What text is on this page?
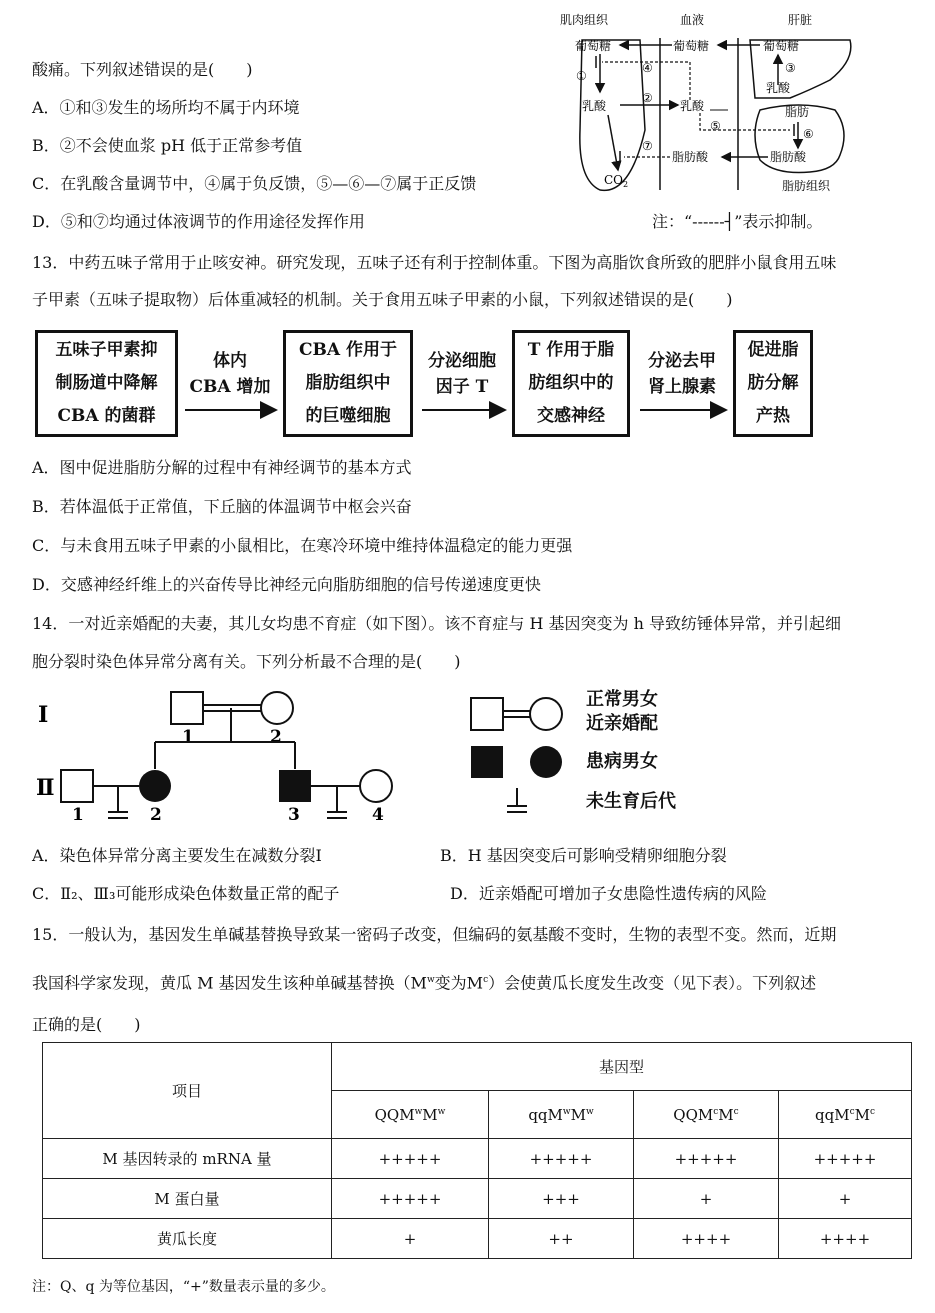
酸痛。下列叙述错误的是(　　)
A．①和③发生的场所均不属于内环境
B．②不会使血浆 pH 低于正常参考值
C．在乳酸含量调节中，④属于负反馈，⑤—⑥—⑦属于正反馈
D．⑤和⑦均通过体液调节的作用途径发挥作用
肌肉组织	血液	肝脏
葡萄糖	葡萄糖	葡萄糖
①
④	③
乳酸
乳酸
②
乳酸	脂肪
⑤
⑥
⑦
脂肪酸	脂肪酸
$CO_2$	脂肪组织
注：“------┤”表示抑制。
13．中药五味子常用于止咳安神。研究发现，五味子还有利于控制体重。下图为高脂饮食所致的肥胖小鼠食用五味
子甲素（五味子提取物）后体重减轻的机制。关于食用五味子甲素的小鼠，下列叙述错误的是(　　)
五味子甲素抑
制肠道中降解
CBA 的菌群
体内
CBA 增加
CBA 作用于
脂肪组织中
的巨噬细胞
分泌细胞
因子 T
T 作用于脂
肪组织中的
交感神经
分泌去甲
肾上腺素
促进脂
肪分解
产热
A．图中促进脂肪分解的过程中有神经调节的基本方式
B．若体温低于正常值，下丘脑的体温调节中枢会兴奋
C．与未食用五味子甲素的小鼠相比，在寒冷环境中维持体温稳定的能力更强
D．交感神经纤维上的兴奋传导比神经元向脂肪细胞的信号传递速度更快
14．一对近亲婚配的夫妻，其儿女均患不育症（如下图）。该不育症与 H 基因突变为 h 导致纺锤体异常，并引起细
胞分裂时染色体异常分离有关。下列分析最不合理的是(　　)
Ⅰ
Ⅱ
1	2
1	2	3	4
正常男女
近亲婚配
患病男女
未生育后代
A．染色体异常分离主要发生在减数分裂Ⅰ	B．H 基因突变后可影响受精卵细胞分裂
C．Ⅱ₂、Ⅲ₃可能形成染色体数量正常的配子	D．近亲婚配可增加子女患隐性遗传病的风险
15．一般认为，基因发生单碱基替换导致某一密码子改变，但编码的氨基酸不变时，生物的表型不变。然而，近期
我国科学家发现，黄瓜 M 基因发生该种单碱基替换（$M^w$变为$M^c$）会使黄瓜长度发生改变（见下表）。下列叙述
正确的是(　　)
项目	基因型			
	$QQM^wM^w$	$qqM^wM^w$	$QQM^cM^c$	$qqM^cM^c$
M 基因转录的 mRNA 量	+++++	+++++	+++++	+++++
M 蛋白量	+++++	+++	+	+
黄瓜长度	+	++	++++	++++
注：Q、q 为等位基因，“+”数量表示量的多少。
